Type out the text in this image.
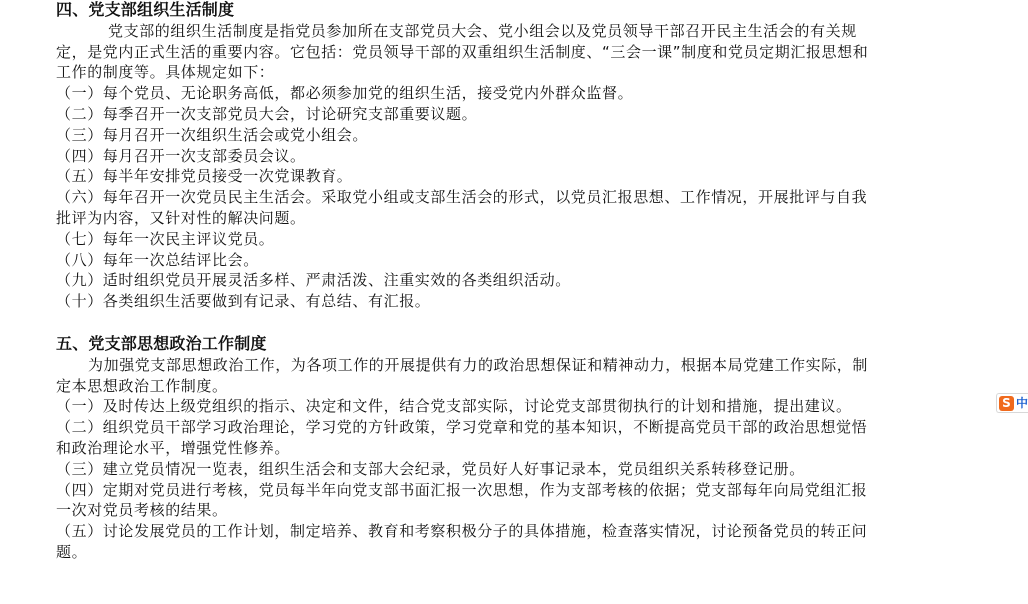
四、党支部组织生活制度

党支部的组织生活制度是指党员参加所在支部党员大会、党小组会以及党员领导干部召开民主生活会的有关规定，是党内正式生活的重要内容。它包括：党员领导干部的双重组织生活制度、“三会一课”制度和党员定期汇报思想和工作的制度等。具体规定如下：

（一）每个党员、无论职务高低，都必须参加党的组织生活，接受党内外群众监督。

（二）每季召开一次支部党员大会，讨论研究支部重要议题。

（三）每月召开一次组织生活会或党小组会。

（四）每月召开一次支部委员会议。

（五）每半年安排党员接受一次党课教育。

（六）每年召开一次党员民主生活会。采取党小组或支部生活会的形式，以党员汇报思想、工作情况，开展批评与自我批评为内容，又针对性的解决问题。

（七）每年一次民主评议党员。

（八）每年一次总结评比会。

（九）适时组织党员开展灵活多样、严肃活泼、注重实效的各类组织活动。

（十）各类组织生活要做到有记录、有总结、有汇报。

五、党支部思想政治工作制度

为加强党支部思想政治工作，为各项工作的开展提供有力的政治思想保证和精神动力，根据本局党建工作实际，制定本思想政治工作制度。

（一）及时传达上级党组织的指示、决定和文件，结合党支部实际，讨论党支部贯彻执行的计划和措施，提出建议。

（二）组织党员干部学习政治理论，学习党的方针政策，学习党章和党的基本知识，不断提高党员干部的政治思想觉悟和政治理论水平，增强党性修养。

（三）建立党员情况一览表，组织生活会和支部大会纪录，党员好人好事记录本，党员组织关系转移登记册。

（四）定期对党员进行考核，党员每半年向党支部书面汇报一次思想，作为支部考核的依据；党支部每年向局党组汇报一次对党员考核的结果。

（五）讨论发展党员的工作计划，制定培养、教育和考察积极分子的具体措施，检查落实情况，讨论预备党员的转正问题。

S 中
